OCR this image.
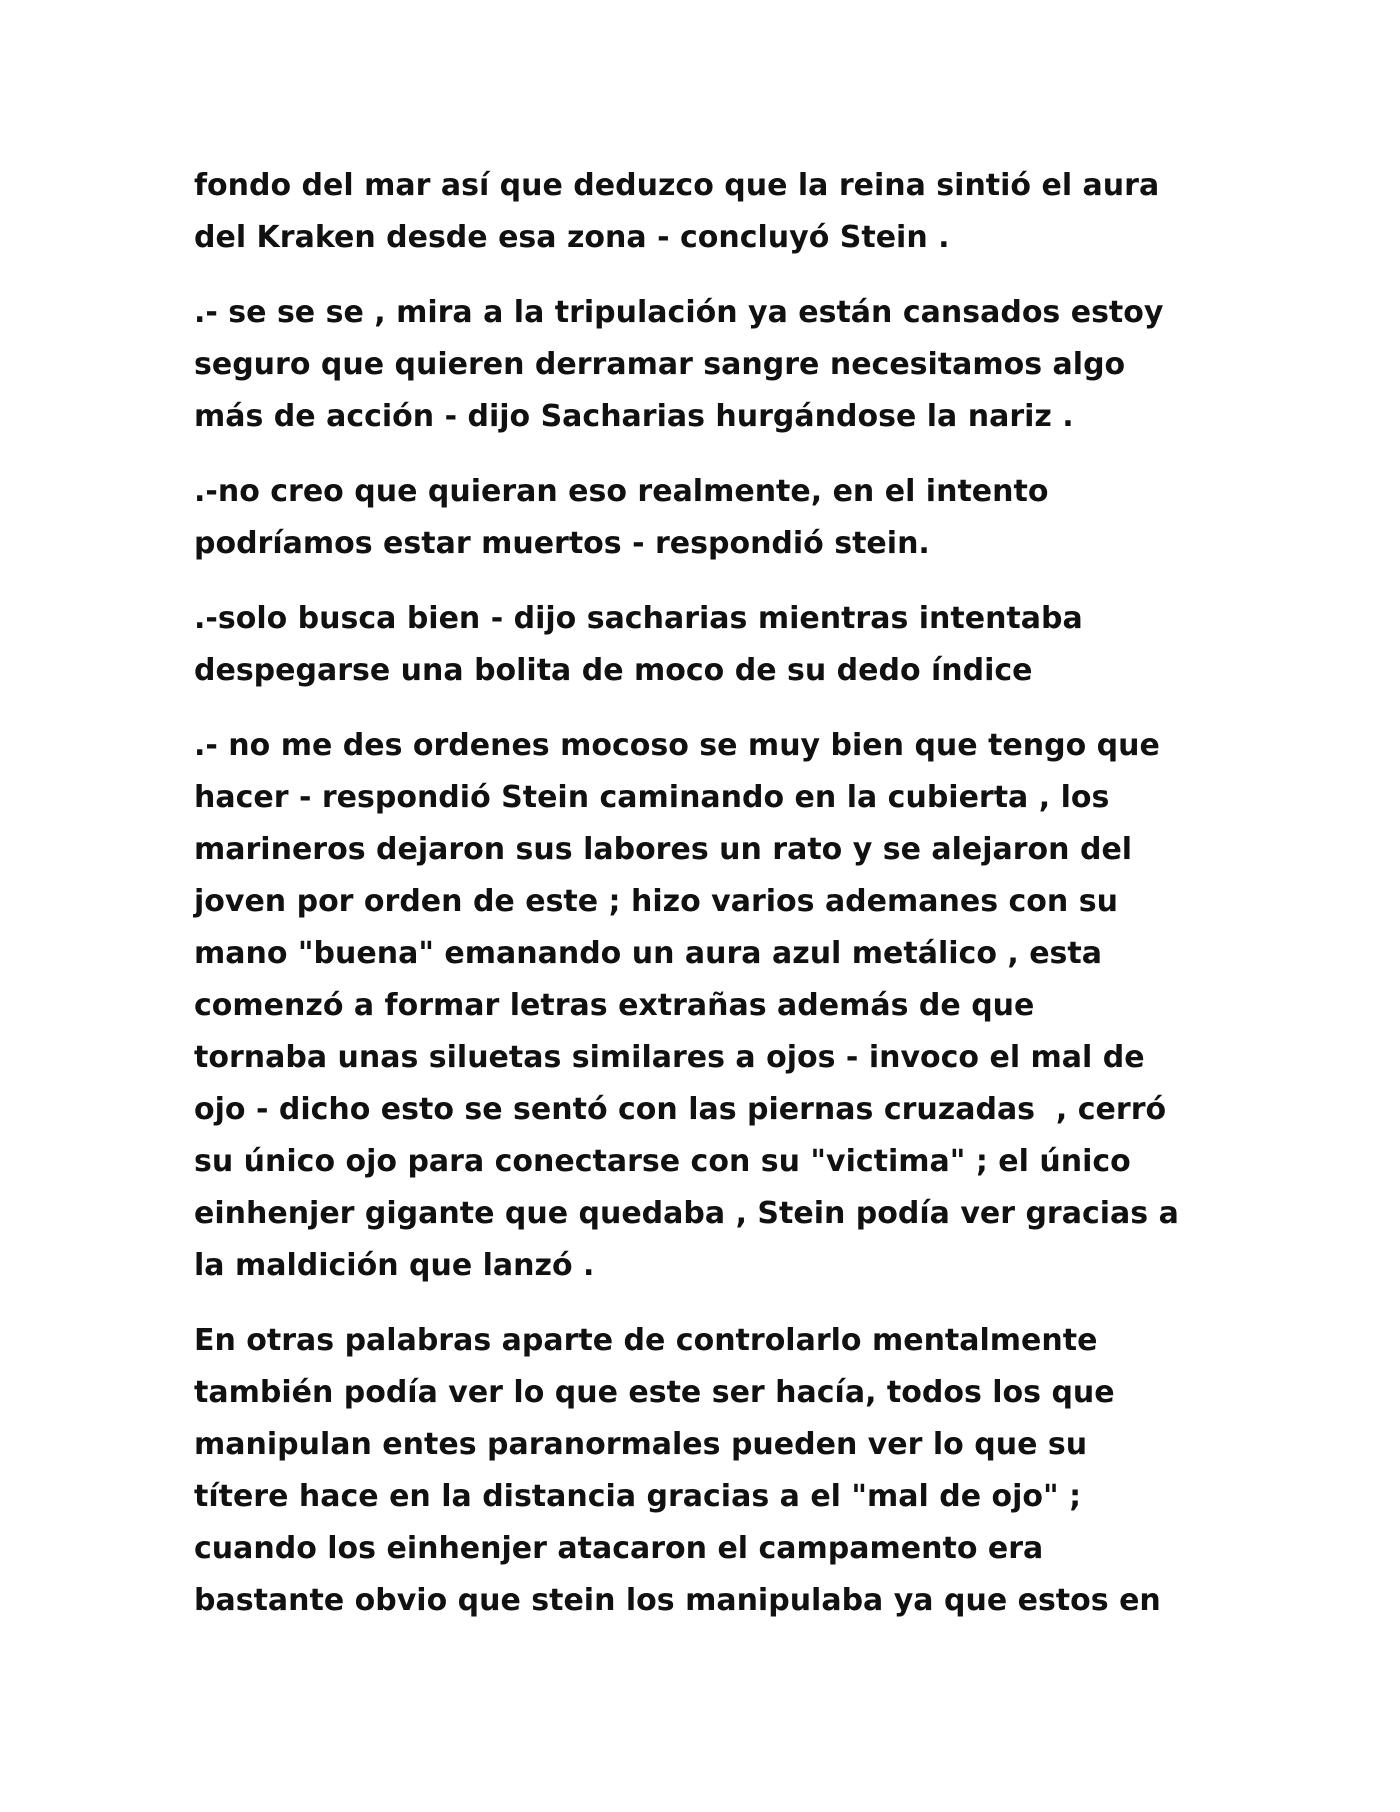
fondo del mar así que deduzco que la reina sintió el aura
del Kraken desde esa zona - concluyó Stein .

.- se se se , mira a la tripulación ya están cansados estoy
seguro que quieren derramar sangre necesitamos algo
más de acción - dijo Sacharias hurgándose la nariz .

.-no creo que quieran eso realmente, en el intento
podríamos estar muertos - respondió stein.

.-solo busca bien - dijo sacharias mientras intentaba
despegarse una bolita de moco de su dedo índice

.- no me des ordenes mocoso se muy bien que tengo que
hacer - respondió Stein caminando en la cubierta , los
marineros dejaron sus labores un rato y se alejaron del
joven por orden de este ; hizo varios ademanes con su
mano "buena" emanando un aura azul metálico , esta
comenzó a formar letras extrañas además de que
tornaba unas siluetas similares a ojos - invoco el mal de
ojo - dicho esto se sentó con las piernas cruzadas  , cerró
su único ojo para conectarse con su "victima" ; el único
einhenjer gigante que quedaba , Stein podía ver gracias a
la maldición que lanzó .

En otras palabras aparte de controlarlo mentalmente
también podía ver lo que este ser hacía, todos los que
manipulan entes paranormales pueden ver lo que su
títere hace en la distancia gracias a el "mal de ojo" ;
cuando los einhenjer atacaron el campamento era
bastante obvio que stein los manipulaba ya que estos en
